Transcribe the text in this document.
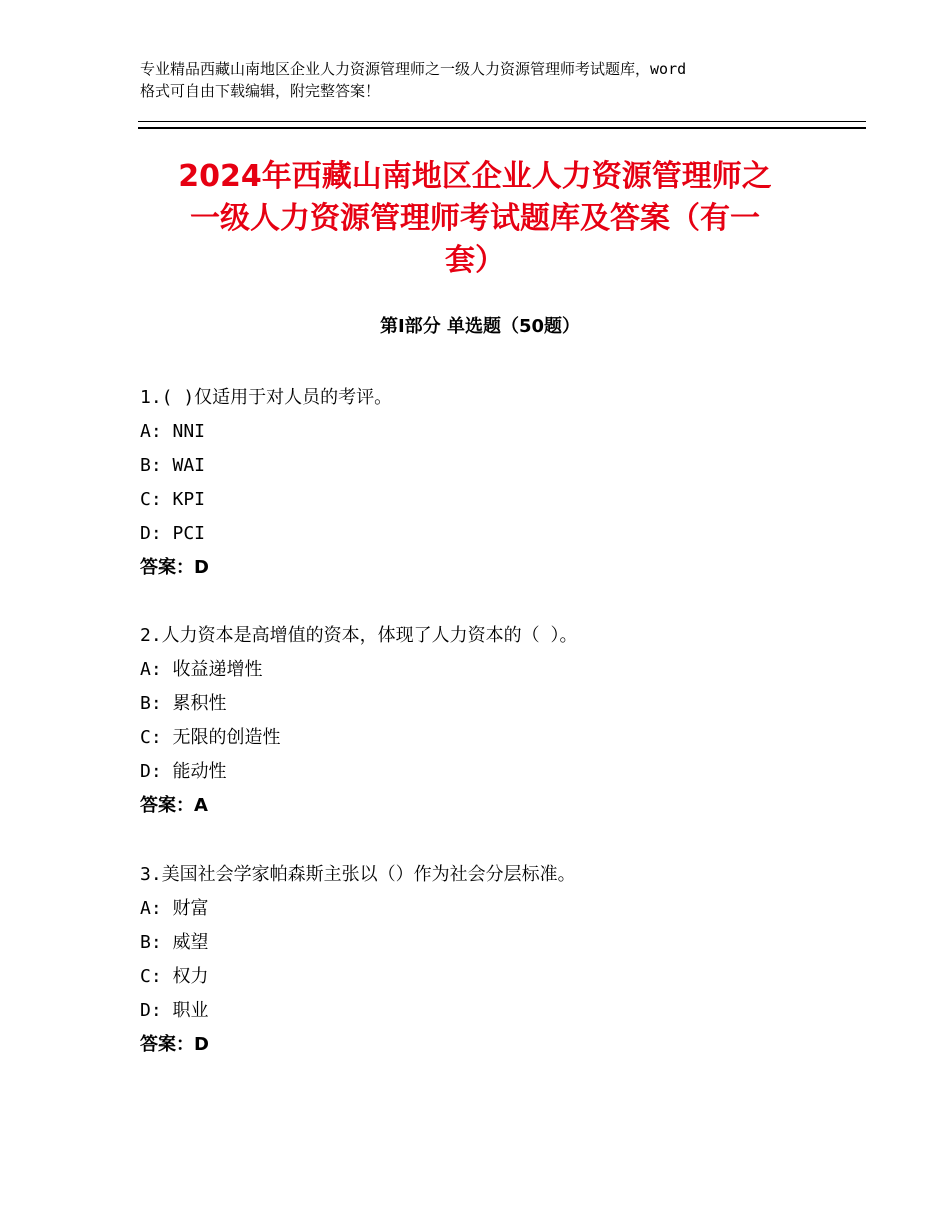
专业精品西藏山南地区企业人力资源管理师之一级人力资源管理师考试题库，word
格式可自由下载编辑，附完整答案！
2024年西藏山南地区企业人力资源管理师之
一级人力资源管理师考试题库及答案（有一
套）
第Ⅰ部分 单选题（50题）
1.( )仅适用于对人员的考评。
A: NNI
B: WAI
C: KPI
D: PCI
答案：D
2.人力资本是高增值的资本，体现了人力资本的（ ）。
A: 收益递增性
B: 累积性
C: 无限的创造性
D: 能动性
答案：A
3.美国社会学家帕森斯主张以（）作为社会分层标准。
A: 财富
B: 威望
C: 权力
D: 职业
答案：D
